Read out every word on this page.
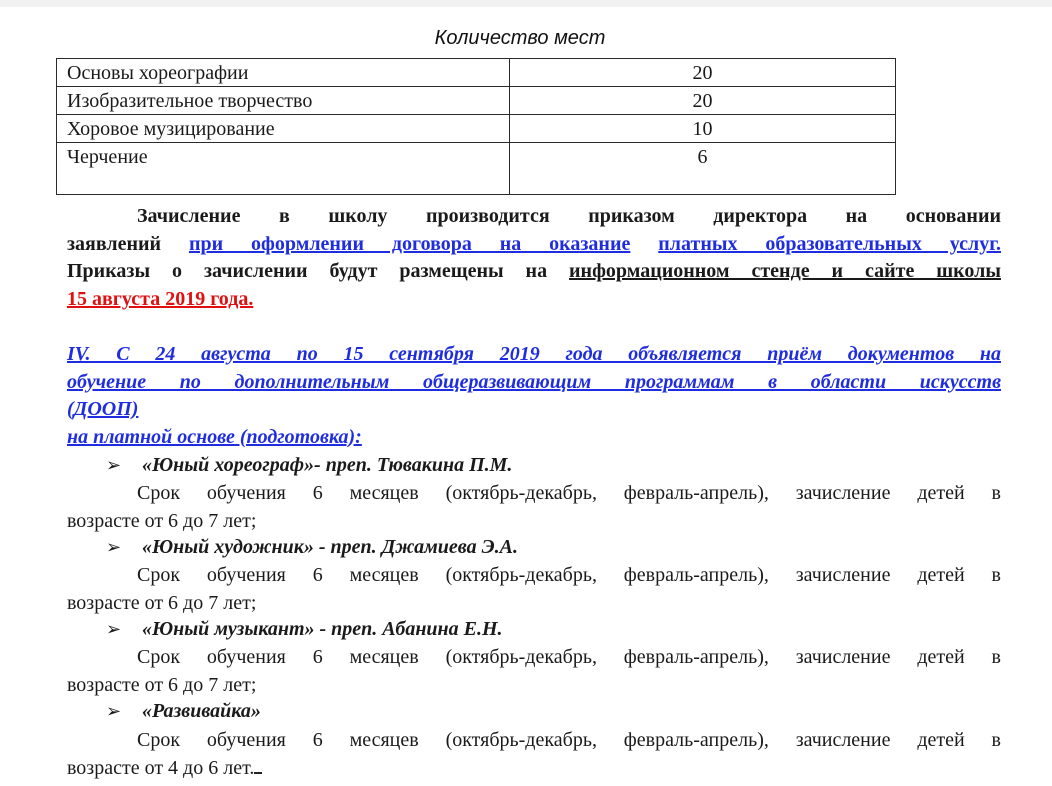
Количество мест
Основы хореографии	20
Изобразительное творчество	20
Хоровое музицирование	10
Черчение	6
Зачисление в школу производится приказом директора на основании
заявлений при оформлении договора на оказание платных образовательных услуг.
Приказы о зачислении будут размещены на информационном стенде и сайте школы
15 августа 2019 года.
IV. С 24 августа по 15 сентября 2019 года объявляется приём документов на
обучение по дополнительным общеразвивающим программам в области искусств
(ДООП)
на платной основе (подготовка):
➢ «Юный хореограф»- преп. Тювакина П.М.
Срок обучения 6 месяцев (октябрь-декабрь, февраль-апрель), зачисление детей в
возрасте от 6 до 7 лет;
➢ «Юный художник» - преп. Джамиева Э.А.
Срок обучения 6 месяцев (октябрь-декабрь, февраль-апрель), зачисление детей в
возрасте от 6 до 7 лет;
➢ «Юный музыкант» - преп. Абанина Е.Н.
Срок обучения 6 месяцев (октябрь-декабрь, февраль-апрель), зачисление детей в
возрасте от 6 до 7 лет;
➢ «Развивайка»
Срок обучения 6 месяцев (октябрь-декабрь, февраль-апрель), зачисление детей в
возрасте от 4 до 6 лет.
